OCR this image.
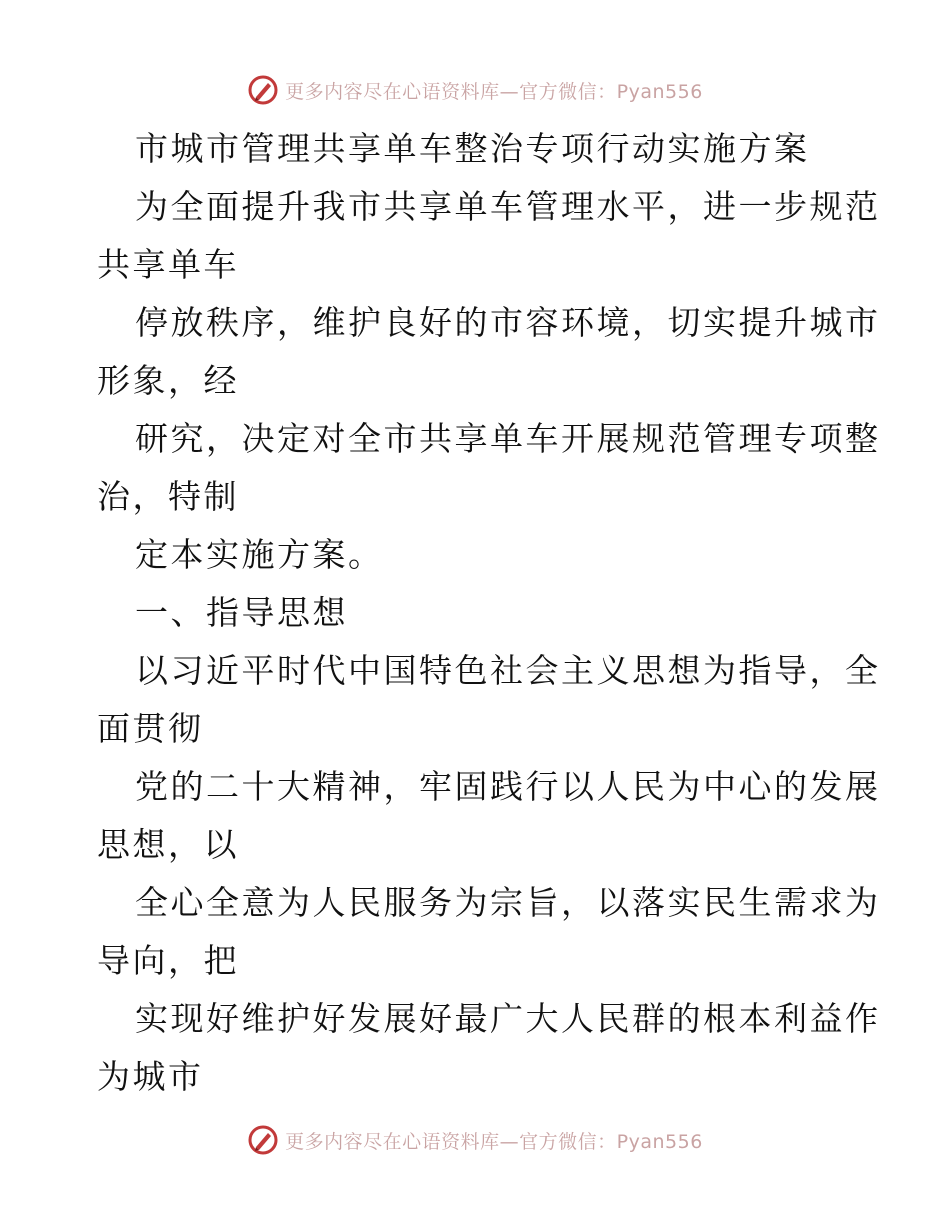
更多内容尽在心语资料库—官方微信：Pyan556
市城市管理共享单车整治专项行动实施方案
为全面提升我市共享单车管理水平，进一步规范
共享单车
停放秩序，维护良好的市容环境，切实提升城市
形象，经
研究，决定对全市共享单车开展规范管理专项整
治，特制
定本实施方案。
一、指导思想
以习近平时代中国特色社会主义思想为指导，全
面贯彻
党的二十大精神，牢固践行以人民为中心的发展
思想，以
全心全意为人民服务为宗旨，以落实民生需求为
导向，把
实现好维护好发展好最广大人民群的根本利益作
为城市
更多内容尽在心语资料库—官方微信：Pyan556
